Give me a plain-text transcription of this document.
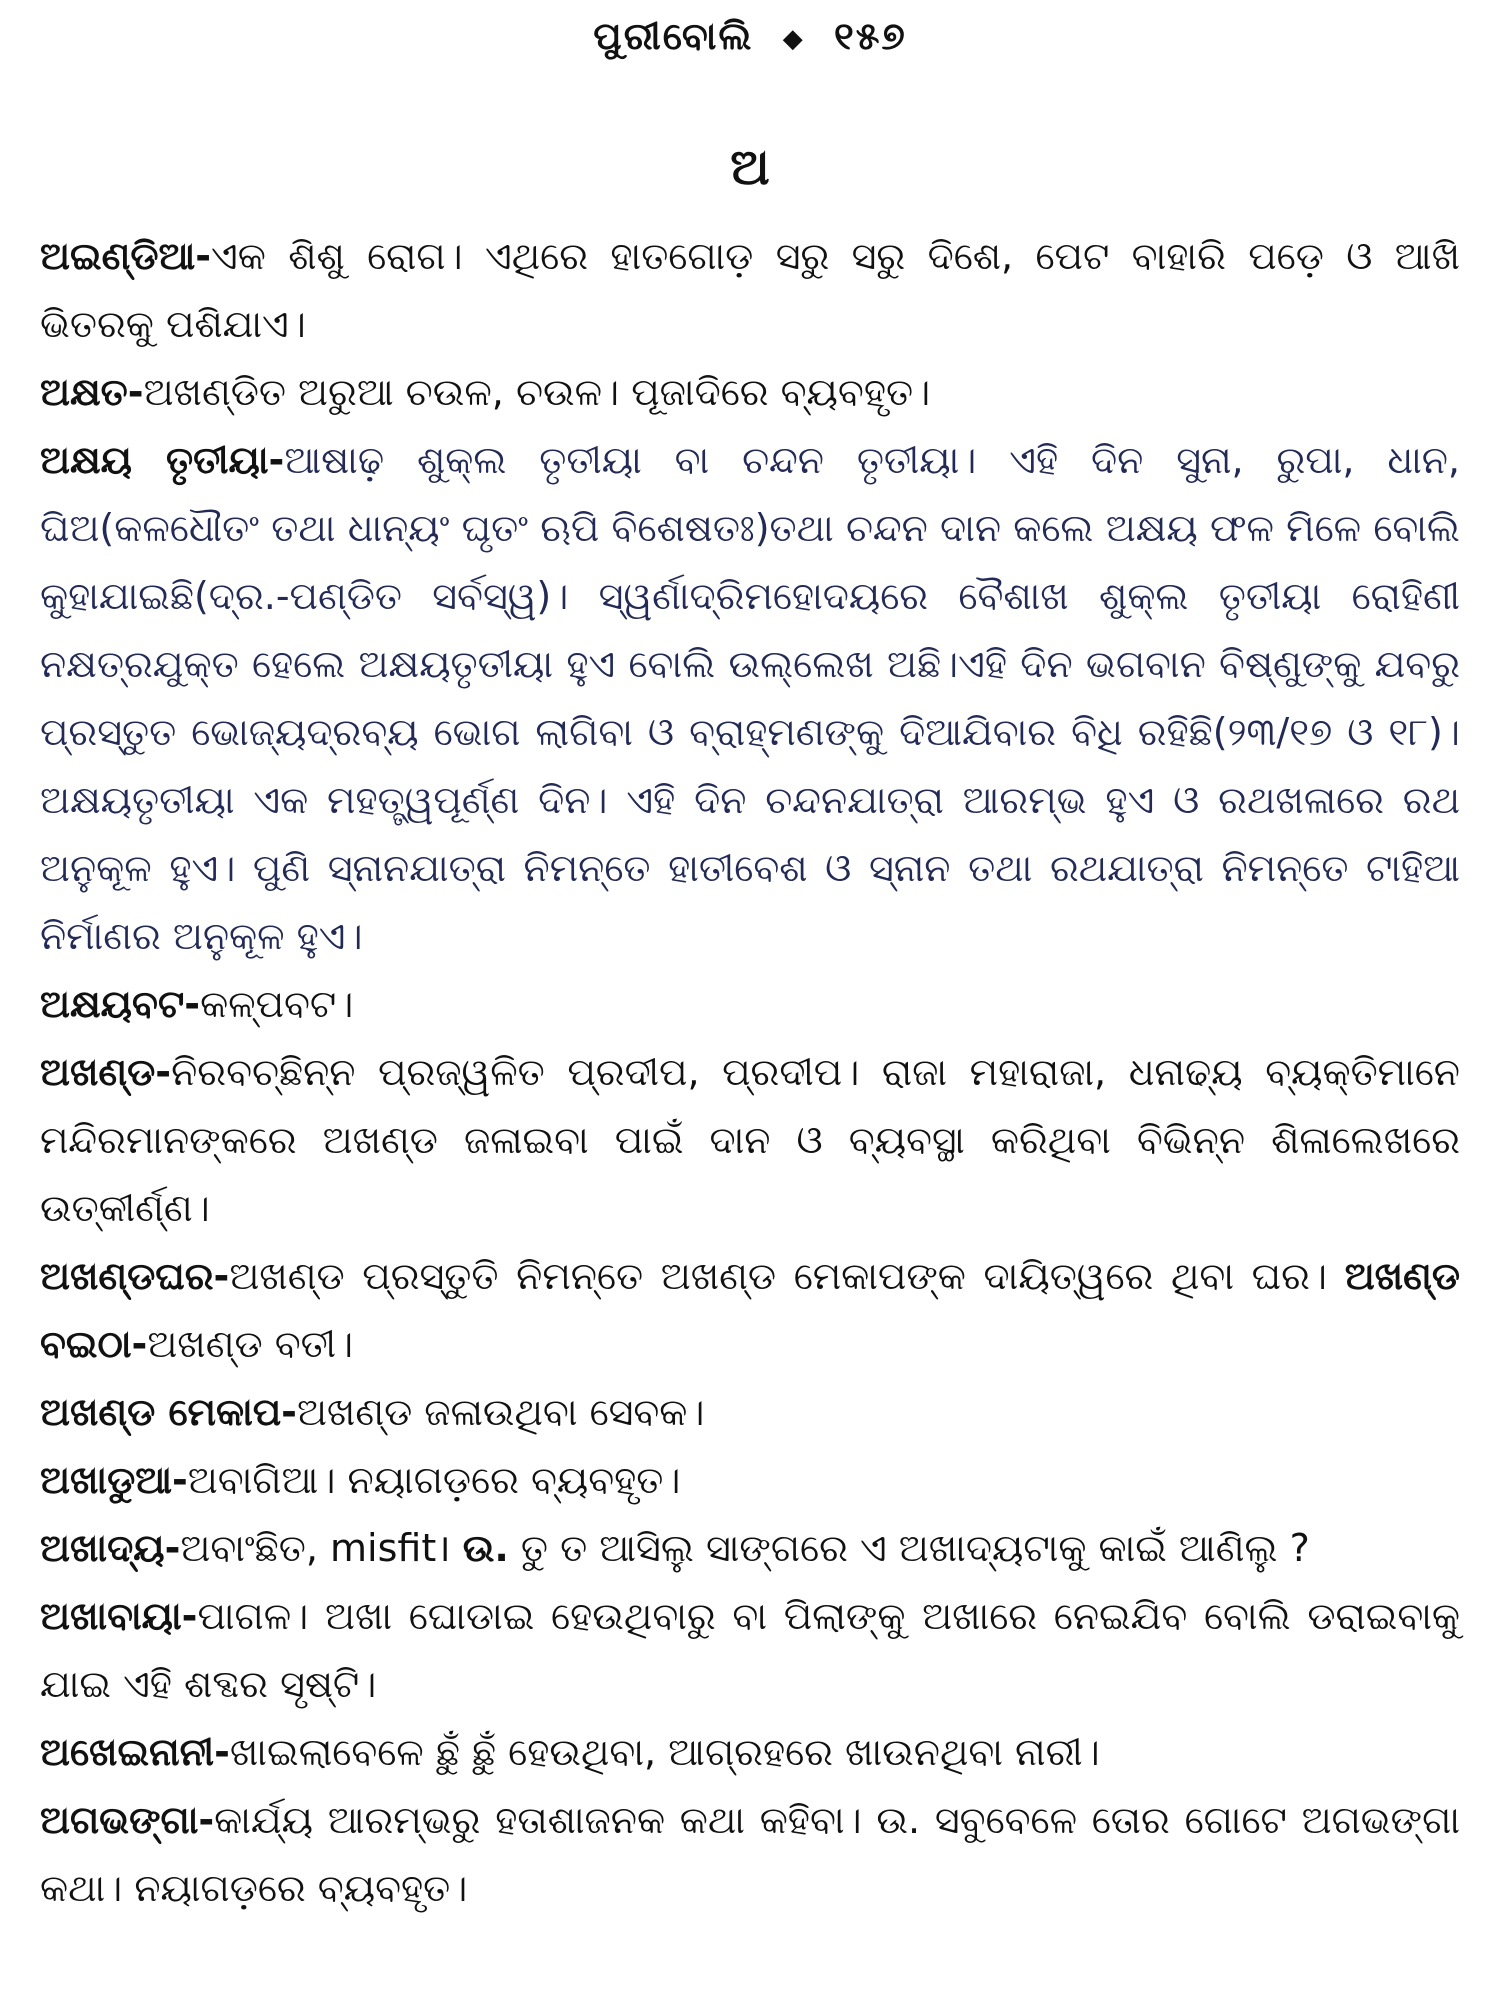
ପୁରୀବୋଲି ◆ ୧୫୭
ଅ

ଅଇଣ୍ଡିଆ-ଏକ ଶିଶୁ ରୋଗ। ଏଥିରେ ହାତଗୋଡ଼ ସରୁ ସରୁ ଦିଶେ, ପେଟ ବାହାରି ପଡ଼େ ଓ ଆଖି ଭିତରକୁ ପଶିଯାଏ।

ଅକ୍ଷତ-ଅଖଣ୍ଡିତ ଅରୁଆ ଚଉଳ, ଚଉଳ। ପୂଜାଦିରେ ବ୍ୟବହୃତ।

ଅକ୍ଷୟ ତୃତୀୟା-ଆଷାଢ଼ ଶୁକ୍ଲ ତୃତୀୟା ବା ଚନ୍ଦନ ତୃତୀୟା। ଏହି ଦିନ ସୁନା, ରୁପା, ଧାନ, ଘିଅ(କଳଧୌତଂ ତଥା ଧାନ୍ୟଂ ଘୃତଂ ଋପି ବିଶେଷତଃ)ତଥା ଚନ୍ଦନ ଦାନ କଲେ ଅକ୍ଷୟ ଫଳ ମିଳେ ବୋଲି କୁହାଯାଇଛି(ଦ୍ର.-ପଣ୍ଡିତ ସର୍ବସ୍ୱ)। ସ୍ୱର୍ଣାଦ୍ରିମହୋଦୟରେ ବୈଶାଖ ଶୁକ୍ଲ ତୃତୀୟା ରୋହିଣୀ ନକ୍ଷତ୍ରଯୁକ୍ତ ହେଲେ ଅକ୍ଷୟତୃତୀୟା ହୁଏ ବୋଲି ଉଲ୍ଲେଖ ଅଛି।ଏହି ଦିନ ଭଗବାନ ବିଷ୍ଣୁଙ୍କୁ ଯବରୁ ପ୍ରସ୍ତୁତ ଭୋଜ୍ୟଦ୍ରବ୍ୟ ଭୋଗ ଲାଗିବା ଓ ବ୍ରାହ୍ମଣଙ୍କୁ ଦିଆଯିବାର ବିଧି ରହିଛି(୨୩/୧୭ ଓ ୧୮)। ଅକ୍ଷୟତୃତୀୟା ଏକ ମହତ୍ତ୍ୱପୂର୍ଣ୍ଣ ଦିନ। ଏହି ଦିନ ଚନ୍ଦନଯାତ୍ରା ଆରମ୍ଭ ହୁଏ ଓ ରଥଖଳାରେ ରଥ ଅନୁକୂଳ ହୁଏ। ପୁଣି ସ୍ନାନଯାତ୍ରା ନିମନ୍ତେ ହାତୀବେଶ ଓ ସ୍ନାନ ତଥା ରଥଯାତ୍ରା ନିମନ୍ତେ ଟାହିଆ ନିର୍ମାଣର ଅନୁକୂଳ ହୁଏ।

ଅକ୍ଷୟବଟ-କଳ୍ପବଟ।

ଅଖଣ୍ଡ-ନିରବଚ୍ଛିନ୍ନ ପ୍ରଜ୍ୱଳିତ ପ୍ରଦୀପ, ପ୍ରଦୀପ। ରାଜା ମହାରାଜା, ଧନାଢ୍ୟ ବ୍ୟକ୍ତିମାନେ ମନ୍ଦିରମାନଙ୍କରେ ଅଖଣ୍ଡ ଜଳାଇବା ପାଇଁ ଦାନ ଓ ବ୍ୟବସ୍ଥା କରିଥିବା ବିଭିନ୍ନ ଶିଳାଲେଖରେ ଉତ୍କୀର୍ଣ୍ଣ।

ଅଖଣ୍ଡଘର-ଅଖଣ୍ଡ ପ୍ରସ୍ତୁତି ନିମନ୍ତେ ଅଖଣ୍ଡ ମେକାପଙ୍କ ଦାୟିତ୍ୱରେ ଥିବା ଘର। ଅଖଣ୍ଡ ବଇଠା-ଅଖଣ୍ଡ ବତୀ।

ଅଖଣ୍ଡ ମେକାପ-ଅଖଣ୍ଡ ଜଳାଉଥିବା ସେବକ।

ଅଖାଡୁଆ-ଅବାଗିଆ। ନୟାଗଡ଼ରେ ବ୍ୟବହୃତ।

ଅଖାଦ୍ୟ-ଅବାଂଛିତ, misfit। ଉ. ତୁ ତ ଆସିଲୁ ସାଙ୍ଗରେ ଏ ଅଖାଦ୍ୟଟାକୁ କାଇଁ ଆଣିଲୁ ?

ଅଖାବାୟା-ପାଗଳ। ଅଖା ଘୋଡାଇ ହେଉଥିବାରୁ ବା ପିଲାଙ୍କୁ ଅଖାରେ ନେଇଯିବ ବୋଲି ଡରାଇବାକୁ ଯାଇ ଏହି ଶବ୍ଦର ସୃଷ୍ଟି।

ଅଖେଇନାନୀ-ଖାଇଲାବେଳେ ଛୁଁ ଛୁଁ ହେଉଥିବା, ଆଗ୍ରହରେ ଖାଉନଥିବା ନାରୀ।

ଅଗଭଙ୍ଗା-କାର୍ଯ୍ୟ ଆରମ୍ଭରୁ ହତାଶାଜନକ କଥା କହିବା। ଉ. ସବୁବେଳେ ତୋର ଗୋଟେ ଅଗଭଙ୍ଗା କଥା। ନୟାଗଡ଼ରେ ବ୍ୟବହୃତ।
